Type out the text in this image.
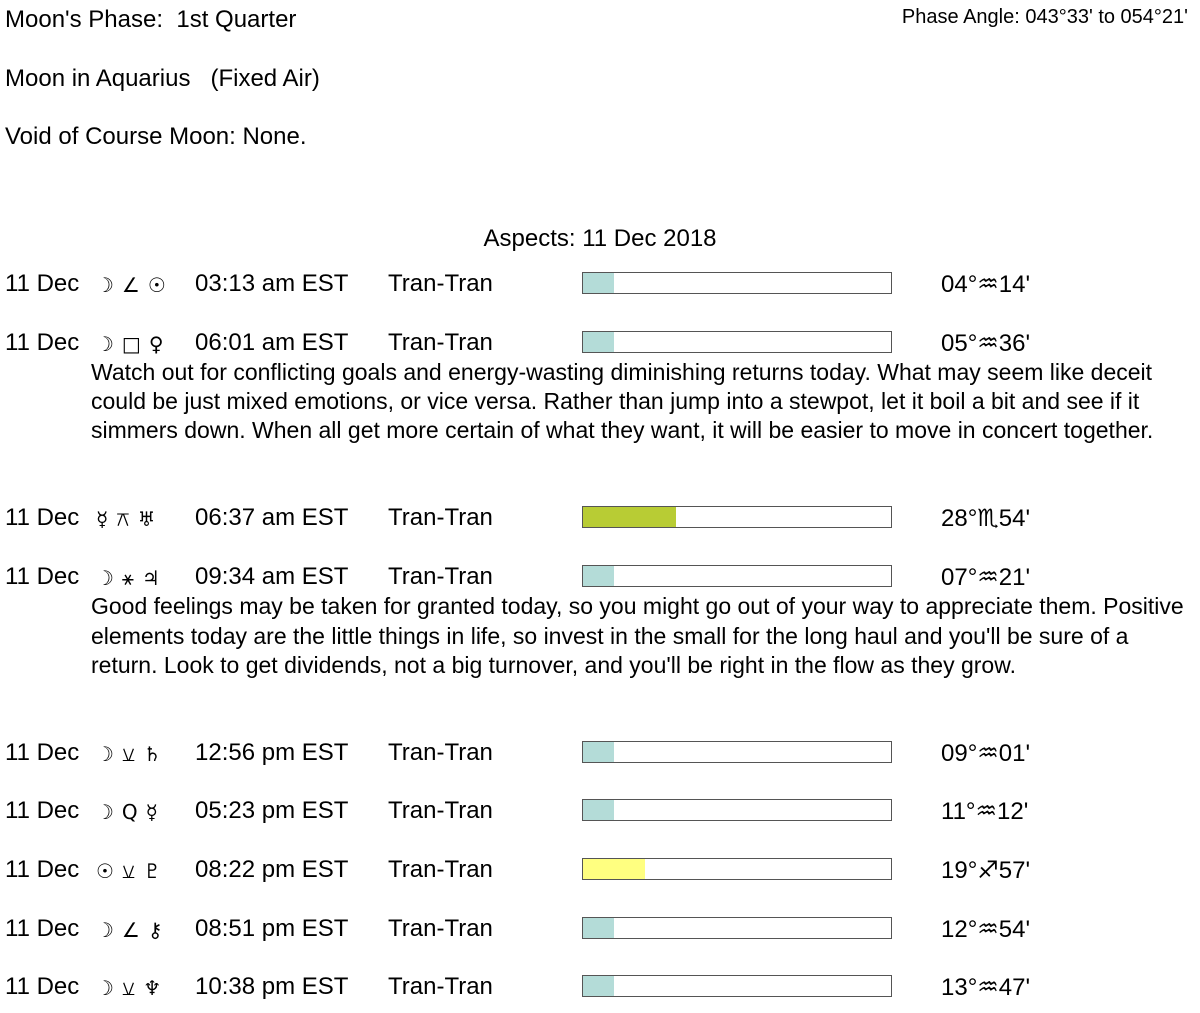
Moon's Phase: 1st Quarter	Phase Angle: 043°33' to 054°21'
Moon in Aquarius (Fixed Air)
Void of Course Moon: None.
Aspects: 11 Dec 2018
11 Dec ☽∠☉ 03:13 am EST Tran-Tran	04°♒14'
11 Dec ☽□♀ 06:01 am EST Tran-Tran	05°♒36'
Watch out for conflicting goals and energy-wasting diminishing returns today. What may seem like deceit could be just mixed emotions, or vice versa. Rather than jump into a stewpot, let it boil a bit and see if it simmers down. When all get more certain of what they want, it will be easier to move in concert together.
11 Dec ☿⚻♅	06:37 am EST Tran-Tran	28°♏54'
11 Dec ☽⚹♃	09:34 am EST Tran-Tran	07°♒21'
Good feelings may be taken for granted today, so you might go out of your way to appreciate them. Positive elements today are the little things in life, so invest in the small for the long haul and you'll be sure of a return. Look to get dividends, not a big turnover, and you'll be right in the flow as they grow.
11 Dec ☽⚺♄	12:56 pm EST Tran-Tran	09°♒01'
11 Dec ☽Q☿	05:23 pm EST Tran-Tran	11°♒12'
11 Dec ☉⚺♇	08:22 pm EST Tran-Tran	19°♐57'
11 Dec ☽∠⚷	08:51 pm EST Tran-Tran	12°♒54'
11 Dec ☽⚺♆	10:38 pm EST Tran-Tran	13°♒47'
